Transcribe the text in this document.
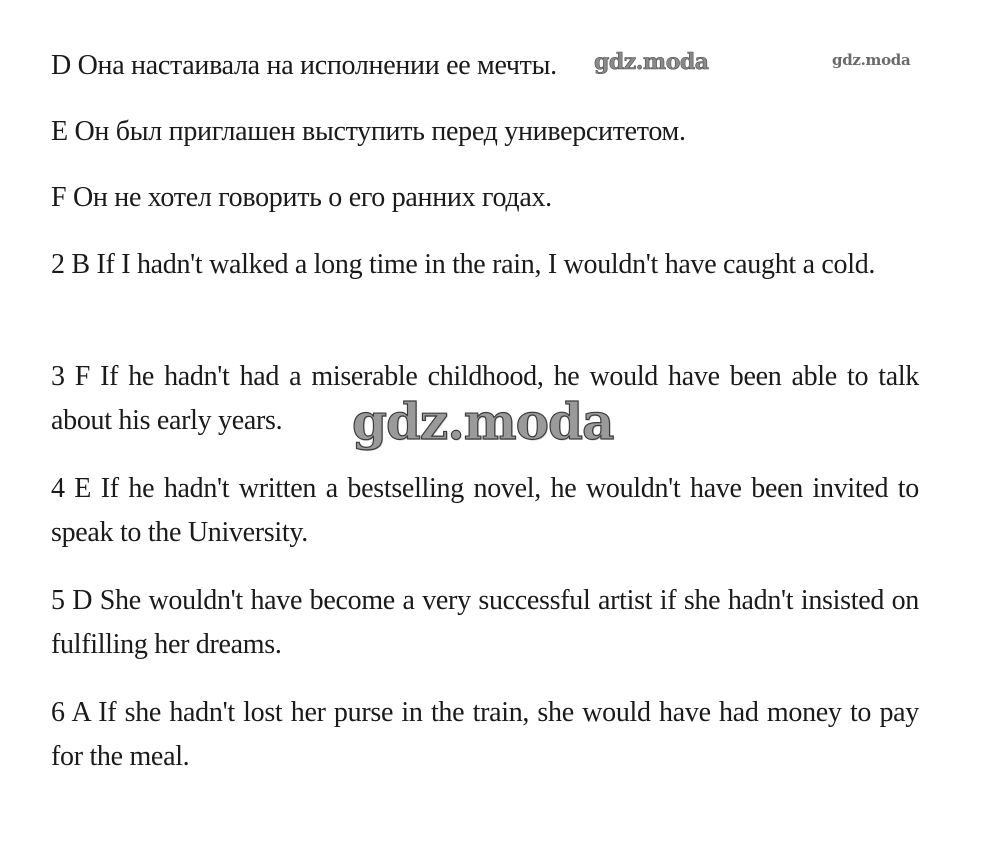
D Она настаивала на исполнении ее мечты.

E Он был приглашен выступить перед университетом.

F Он не хотел говорить о его ранних годах.

2 B If I hadn't walked a long time in the rain, I wouldn't have caught a cold.

3 F If he hadn't had a miserable childhood, he would have been able to talk about his early years.

4 E If he hadn't written a bestselling novel, he wouldn't have been invited to speak to the University.

5 D She wouldn't have become a very successful artist if she hadn't insisted on fulfilling her dreams.

6 A If she hadn't lost her purse in the train, she would have had money to pay for the meal.

gdz.moda	gdz.moda
gdz.moda
